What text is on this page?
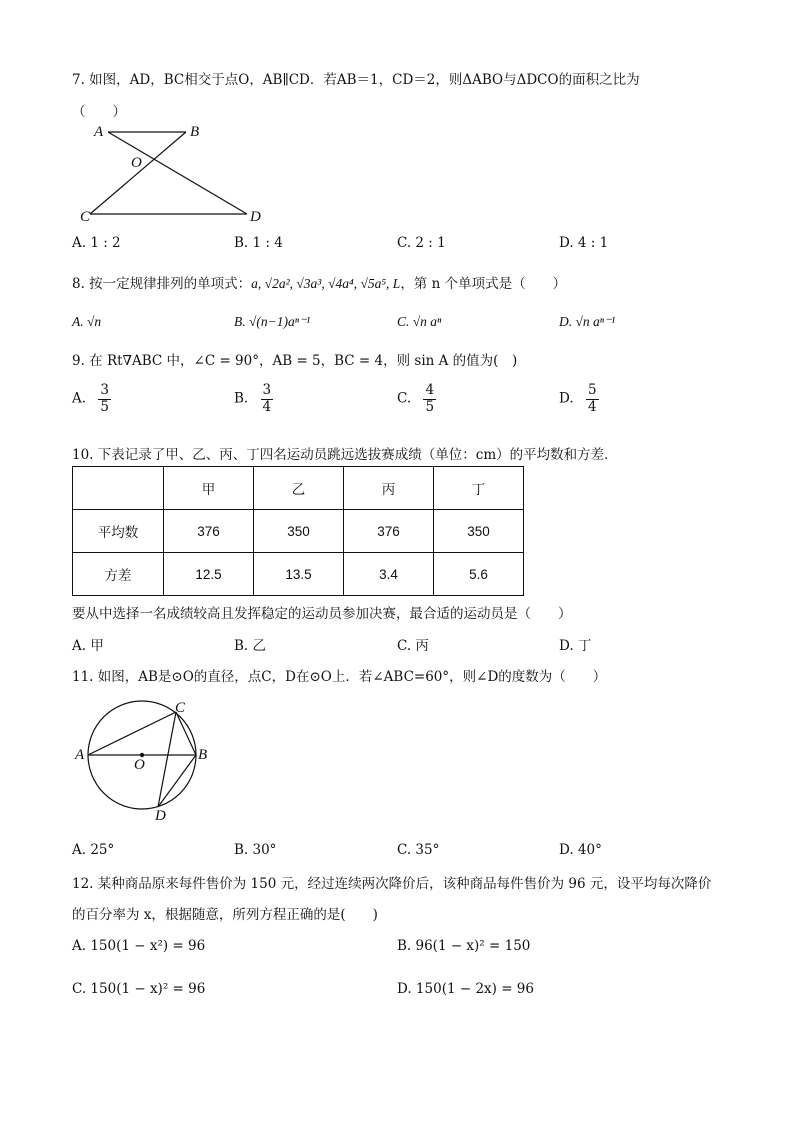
7. 如图，AD，BC相交于点O，AB∥CD．若AB＝1，CD＝2，则ΔABO与ΔDCO的面积之比为
（　　）
A	B
O
C	D
A. 1 : 2	B. 1 : 4	C. 2 : 1	D. 4 : 1
8. 按一定规律排列的单项式：a, √2a², √3a³, √4a⁴, √5a⁵, L，第 n 个单项式是（　　）
A. √n	B. √(n−1)aⁿ⁻¹	C. √n aⁿ	D. √n aⁿ⁻¹
9. 在 Rt∇ABC 中，∠C = 90°，AB = 5，BC = 4，则 sin A 的值为(　)
A. $\frac{3}{5}$	B. $\frac{3}{4}$	C. $\frac{4}{5}$	D. $\frac{5}{4}$
10. 下表记录了甲、乙、丙、丁四名运动员跳远选拔赛成绩（单位：cm）的平均数和方差．
	甲	乙	丙	丁
平均数	376	350	376	350
方差	12.5	13.5	3.4	5.6
要从中选择一名成绩较高且发挥稳定的运动员参加决赛，最合适的运动员是（　　）
A. 甲	B. 乙	C. 丙	D. 丁
11. 如图，AB是⊙O的直径，点C，D在⊙O上．若∠ABC=60°，则∠D的度数为（　　）
A	B
C
D
O
A. 25°	B. 30°	C. 35°	D. 40°
12. 某种商品原来每件售价为 150 元，经过连续两次降价后，该种商品每件售价为 96 元，设平均每次降价
的百分率为 x，根据随意，所列方程正确的是(　　)
A. 150(1 − x²) = 96	B. 96(1 − x)² = 150
C. 150(1 − x)² = 96	D. 150(1 − 2x) = 96
